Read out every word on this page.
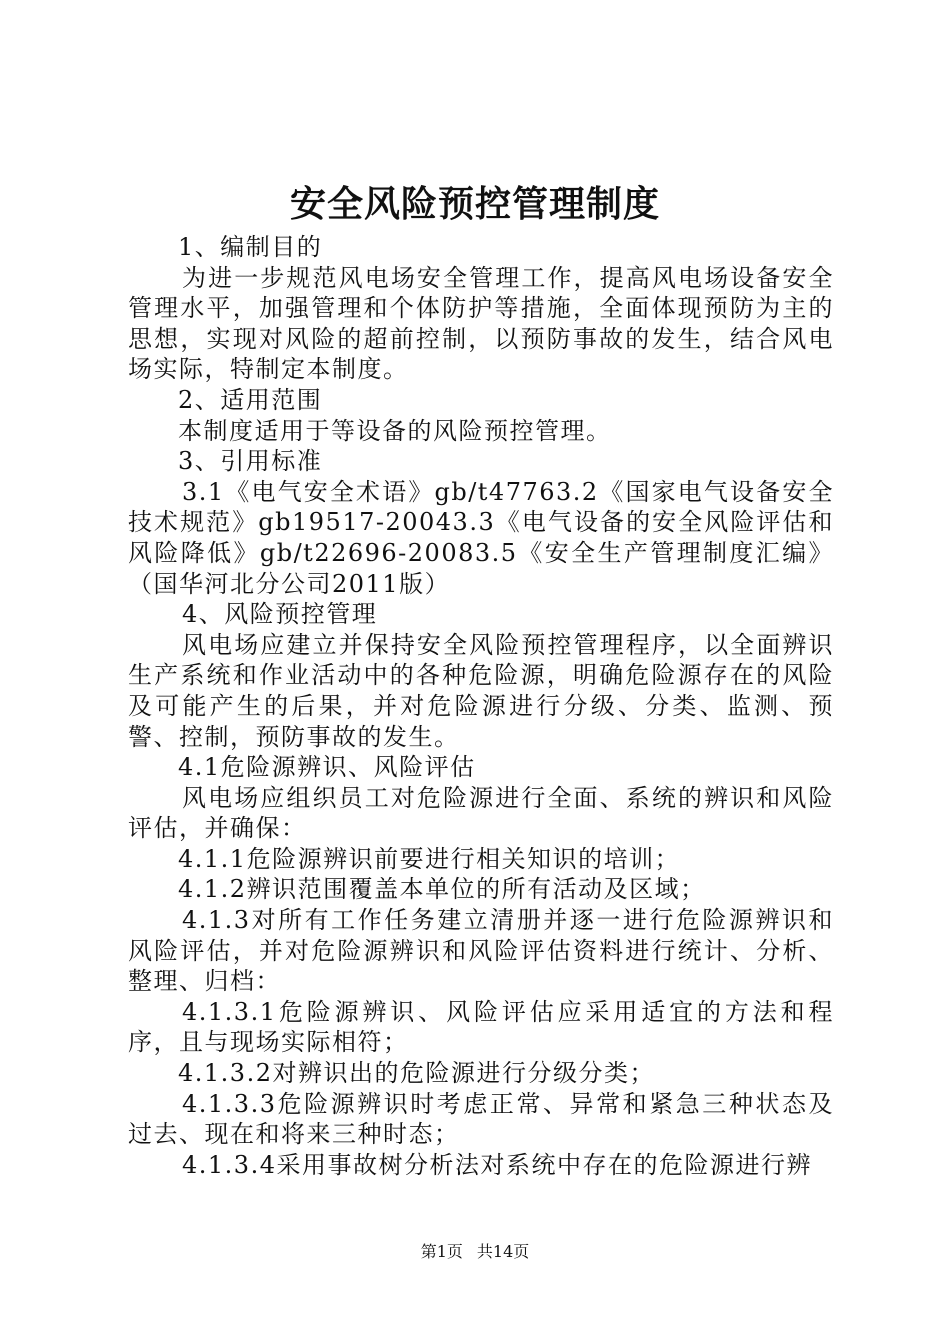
安全风险预控管理制度

1、编制目的

为进一步规范风电场安全管理工作，提高风电场设备安全管理水平，加强管理和个体防护等措施，全面体现预防为主的思想，实现对风险的超前控制，以预防事故的发生，结合风电场实际，特制定本制度。

2、适用范围

本制度适用于等设备的风险预控管理。

3、引用标准

3.1《电气安全术语》gb/t47763.2《国家电气设备安全技术规范》gb19517-20043.3《电气设备的安全风险评估和风险降低》gb/t22696-20083.5《安全生产管理制度汇编》（国华河北分公司2011版）

4、风险预控管理

风电场应建立并保持安全风险预控管理程序，以全面辨识生产系统和作业活动中的各种危险源，明确危险源存在的风险及可能产生的后果，并对危险源进行分级、分类、监测、预警、控制，预防事故的发生。

4.1危险源辨识、风险评估

风电场应组织员工对危险源进行全面、系统的辨识和风险评估，并确保：

4.1.1危险源辨识前要进行相关知识的培训；

4.1.2辨识范围覆盖本单位的所有活动及区域；

4.1.3对所有工作任务建立清册并逐一进行危险源辨识和风险评估，并对危险源辨识和风险评估资料进行统计、分析、整理、归档：

4.1.3.1危险源辨识、风险评估应采用适宜的方法和程序，且与现场实际相符；

4.1.3.2对辨识出的危险源进行分级分类；

4.1.3.3危险源辨识时考虑正常、异常和紧急三种状态及过去、现在和将来三种时态；

4.1.3.4采用事故树分析法对系统中存在的危险源进行辨

第1页 共14页
